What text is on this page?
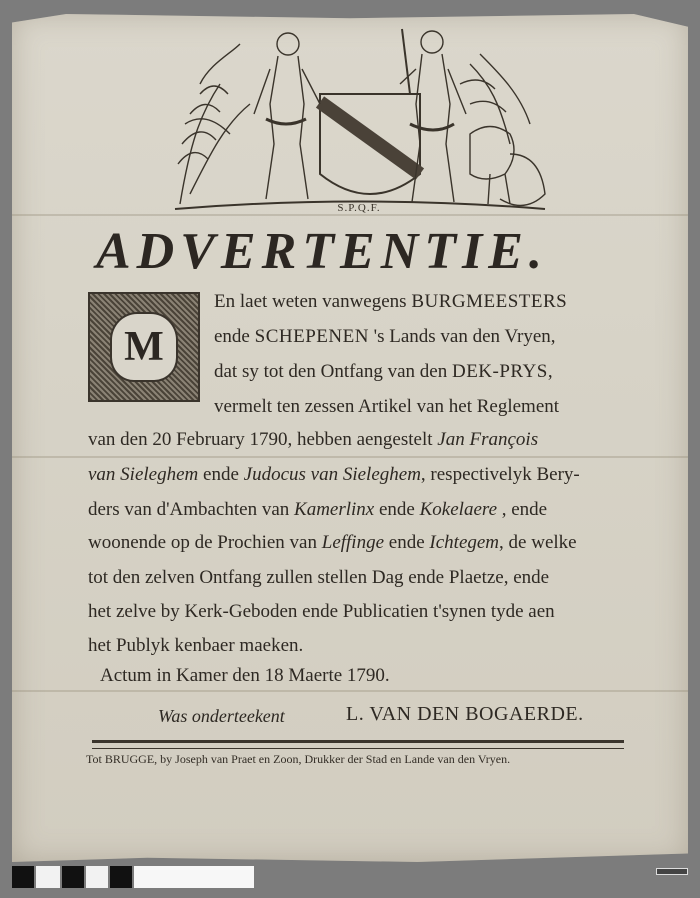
S.P.Q.F.
ADVERTENTIE.
M
En laet weten vanwegens BURGMEESTERS
ende SCHEPENEN 's Lands van den Vryen,
dat sy tot den Ontfang van den DEK-PRYS,
vermelt ten zessen Artikel van het Reglement
van den 20 February 1790, hebben aengestelt Jan François
van Sieleghem ende Judocus van Sieleghem, respectivelyk Bery-
ders van d'Ambachten van Kamerlinx ende Kokelaere , ende
woonende op de Prochien van Leffinge ende Ichtegem, de welke
tot den zelven Ontfang zullen stellen Dag ende Plaetze, ende
het zelve by Kerk-Geboden ende Publicatien t'synen tyde aen
het Publyk kenbaer maeken.
Was onderteekent	L. VAN DEN BOGAERDE.
Actum in Kamer den 18 Maerte 1790.
Tot BRUGGE, by Joseph van Praet en Zoon, Drukker der Stad en Lande van den Vryen.
